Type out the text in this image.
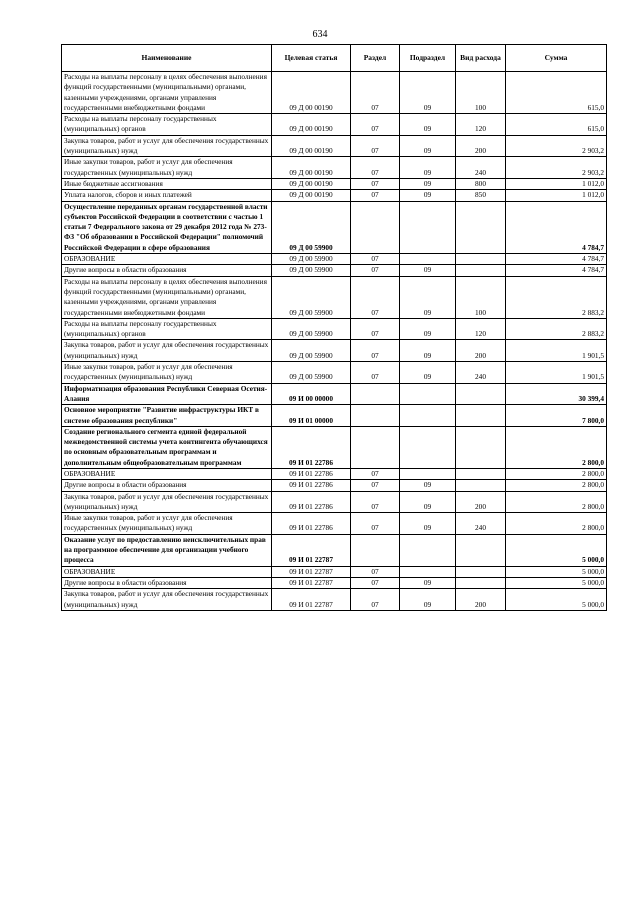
634
Наименование	Целевая статья	Раздел	Подраздел	Вид расхода	Сумма
Расходы на выплаты персоналу в целях обеспечения выполнения функций государственными (муниципальными) органами, казенными учреждениями, органами управления государственными внебюджетными фондами	09 Д 00 00190	07	09	100	615,0
Расходы на выплаты персоналу государственных (муниципальных) органов	09 Д 00 00190	07	09	120	615,0
Закупка товаров, работ и услуг для обеспечения государственных (муниципальных) нужд	09 Д 00 00190	07	09	200	2 903,2
Иные закупки товаров, работ и услуг для обеспечения государственных (муниципальных) нужд	09 Д 00 00190	07	09	240	2 903,2
Иные бюджетные ассигнования	09 Д 00 00190	07	09	800	1 012,0
Уплата налогов, сборов и иных платежей	09 Д 00 00190	07	09	850	1 012,0
Осуществление переданных органам государственной власти субъектов Российской Федерации в соответствии с частью 1 статьи 7 Федерального закона от 29 декабря 2012 года № 273-ФЗ "Об образовании в Российской Федерации" полномочий Российской Федерации в сфере образования	09 Д 00 59900				4 784,7
ОБРАЗОВАНИЕ	09 Д 00 59900	07			4 784,7
Другие вопросы в области образования	09 Д 00 59900	07	09		4 784,7
Расходы на выплаты персоналу в целях обеспечения выполнения функций государственными (муниципальными) органами, казенными учреждениями, органами управления государственными внебюджетными фондами	09 Д 00 59900	07	09	100	2 883,2
Расходы на выплаты персоналу государственных (муниципальных) органов	09 Д 00 59900	07	09	120	2 883,2
Закупка товаров, работ и услуг для обеспечения государственных (муниципальных) нужд	09 Д 00 59900	07	09	200	1 901,5
Иные закупки товаров, работ и услуг для обеспечения государственных (муниципальных) нужд	09 Д 00 59900	07	09	240	1 901,5
Информатизация образования Республики Северная Осетия-Алания	09 И 00 00000				30 399,4
Основное мероприятие "Развитие инфраструктуры ИКТ в системе образования республики"	09 И 01 00000				7 800,0
Создание регионального сегмента единой федеральной межведомственной системы учета контингента обучающихся по основным образовательным программам и дополнительным общеобразовательным программам	09 И 01 22786				2 800,0
ОБРАЗОВАНИЕ	09 И 01 22786	07			2 800,0
Другие вопросы в области образования	09 И 01 22786	07	09		2 800,0
Закупка товаров, работ и услуг для обеспечения государственных (муниципальных) нужд	09 И 01 22786	07	09	200	2 800,0
Иные закупки товаров, работ и услуг для обеспечения государственных (муниципальных) нужд	09 И 01 22786	07	09	240	2 800,0
Оказание услуг по предоставлению неисключительных прав на программное обеспечение для организации учебного процесса	09 И 01 22787				5 000,0
ОБРАЗОВАНИЕ	09 И 01 22787	07			5 000,0
Другие вопросы в области образования	09 И 01 22787	07	09		5 000,0
Закупка товаров, работ и услуг для обеспечения государственных (муниципальных) нужд	09 И 01 22787	07	09	200	5 000,0
